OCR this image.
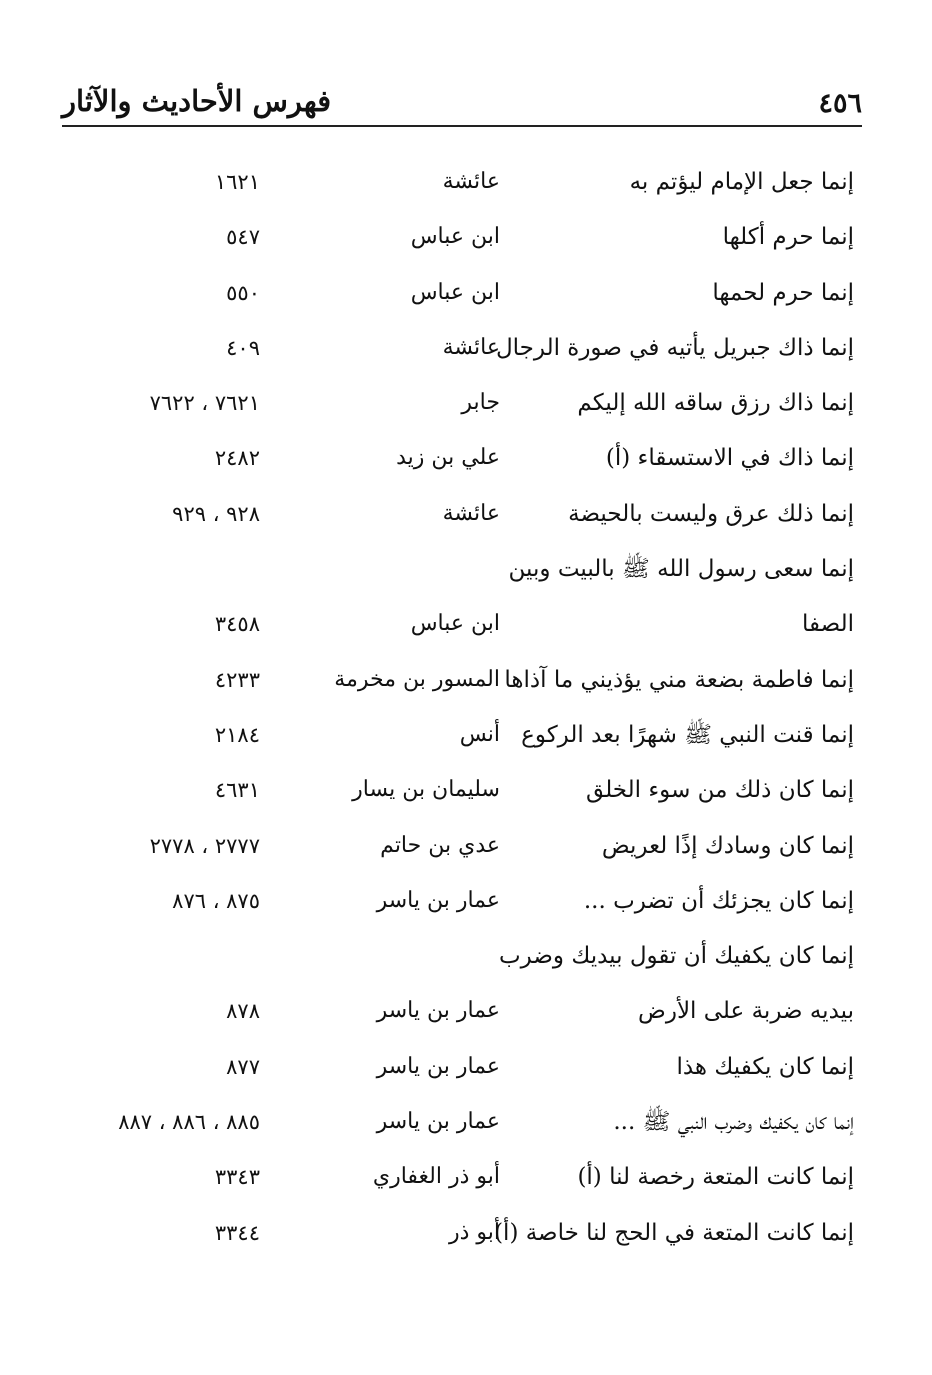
فهرس الأحاديث والآثار	٤٥٦
إنما جعل الإمام ليؤتم به
عائشة
١٦٢١
إنما حرم أكلها
ابن عباس
٥٤٧
إنما حرم لحمها
ابن عباس
٥٥٠
إنما ذاك جبريل يأتيه في صورة الرجال
عائشة
٤٠٩
إنما ذاك رزق ساقه الله إليكم
جابر
٧٦٢١ ، ٧٦٢٢
إنما ذاك في الاستسقاء (أ)
علي بن زيد
٢٤٨٢
إنما ذلك عرق وليست بالحيضة
عائشة
٩٢٨ ، ٩٢٩
إنما سعى رسول الله ﷺ بالبيت وبين
الصفا
ابن عباس
٣٤٥٨
إنما فاطمة بضعة مني يؤذيني ما آذاها
المسور بن مخرمة
٤٢٣٣
إنما قنت النبي ﷺ شهرًا بعد الركوع
أنس
٢١٨٤
إنما كان ذلك من سوء الخلق
سليمان بن يسار
٤٦٣١
إنما كان وسادك إذًا لعريض
عدي بن حاتم
٢٧٧٧ ، ٢٧٧٨
إنما كان يجزئك أن تضرب ...
عمار بن ياسر
٨٧٥ ، ٨٧٦
إنما كان يكفيك أن تقول بيديك وضرب
بيديه ضربة على الأرض
عمار بن ياسر
٨٧٨
إنما كان يكفيك هذا
عمار بن ياسر
٨٧٧
إنما كان يكفيك وضرب النبي ﷺ ...
عمار بن ياسر
٨٨٥ ، ٨٨٦ ، ٨٨٧
إنما كانت المتعة رخصة لنا (أ)
أبو ذر الغفاري
٣٣٤٣
إنما كانت المتعة في الحج لنا خاصة (أ)
أبو ذر
٣٣٤٤
